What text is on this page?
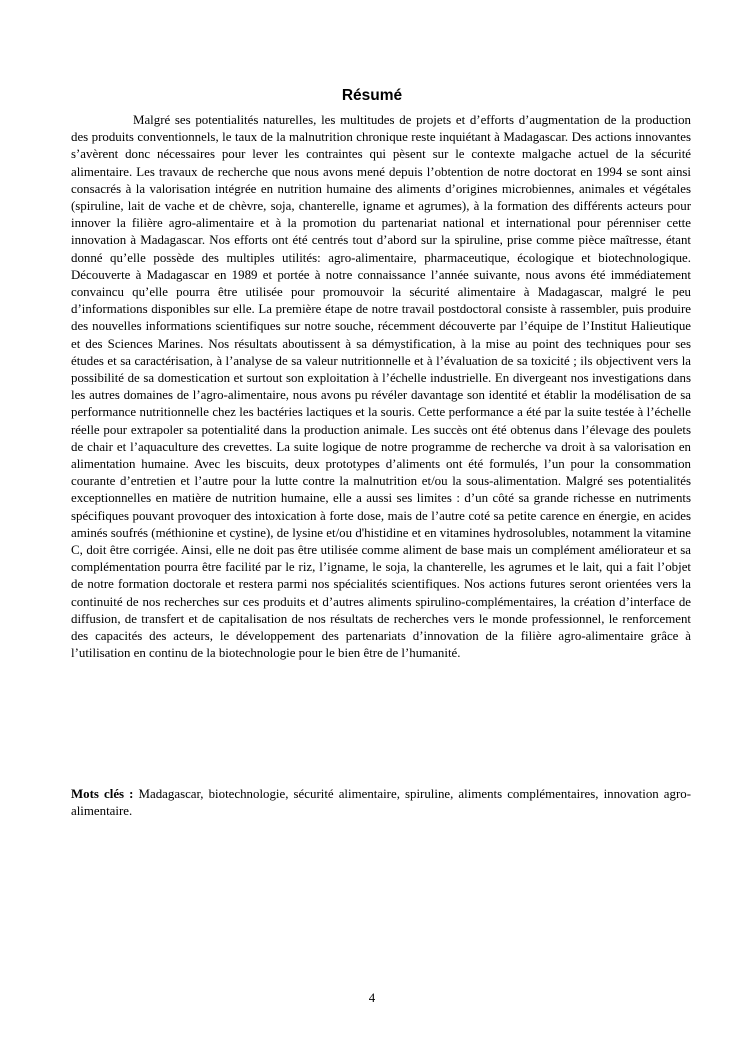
Résumé

Malgré ses potentialités naturelles, les multitudes de projets et d’efforts d’augmentation de la production des produits conventionnels, le taux de la malnutrition chronique reste inquiétant à Madagascar. Des actions innovantes s’avèrent donc nécessaires pour lever les contraintes qui pèsent sur le contexte malgache actuel de la sécurité alimentaire. Les travaux de recherche que nous avons mené depuis l’obtention de notre doctorat en 1994 se sont ainsi consacrés à la valorisation intégrée en nutrition humaine des aliments d’origines microbiennes, animales et végétales (spiruline, lait de vache et de chèvre, soja, chanterelle, igname et agrumes), à la formation des différents acteurs pour innover la filière agro-alimentaire et à la promotion du partenariat national et international pour pérenniser cette innovation à Madagascar. Nos efforts ont été centrés tout d’abord sur la spiruline, prise comme pièce maîtresse, étant donné qu’elle possède des multiples utilités: agro-alimentaire, pharmaceutique, écologique et biotechnologique. Découverte à Madagascar en 1989 et portée à notre connaissance l’année suivante, nous avons été immédiatement convaincu qu’elle pourra être utilisée pour promouvoir la sécurité alimentaire à Madagascar, malgré le peu d’informations disponibles sur elle. La première étape de notre travail postdoctoral consiste à rassembler, puis produire des nouvelles informations scientifiques sur notre souche, récemment découverte par l’équipe de l’Institut Halieutique et des Sciences Marines. Nos résultats aboutissent à sa démystification, à la mise au point des techniques pour ses études et sa caractérisation, à l’analyse de sa valeur nutritionnelle et à l’évaluation de sa toxicité ; ils objectivent vers la possibilité de sa domestication et surtout son exploitation à l’échelle industrielle. En divergeant nos investigations dans les autres domaines de l’agro-alimentaire, nous avons pu révéler davantage son identité et établir la modélisation de sa performance nutritionnelle chez les bactéries lactiques et la souris. Cette performance a été par la suite testée à l’échelle réelle pour extrapoler sa potentialité dans la production animale. Les succès ont été obtenus dans l’élevage des poulets de chair et l’aquaculture des crevettes. La suite logique de notre programme de recherche va droit à sa valorisation en alimentation humaine. Avec les biscuits, deux prototypes d’aliments ont été formulés, l’un pour la consommation courante d’entretien et l’autre pour la lutte contre la malnutrition et/ou la sous-alimentation. Malgré ses potentialités exceptionnelles en matière de nutrition humaine, elle a aussi ses limites : d’un côté sa grande richesse en nutriments spécifiques pouvant provoquer des intoxication à forte dose, mais de l’autre coté sa petite carence en énergie, en acides aminés soufrés (méthionine et cystine), de lysine et/ou d'histidine et en vitamines hydrosolubles, notamment la vitamine C, doit être corrigée. Ainsi, elle ne doit pas être utilisée comme aliment de base mais un complément améliorateur et sa complémentation pourra être facilité par le riz, l’igname, le soja, la chanterelle, les agrumes et le lait, qui a fait l’objet de notre formation doctorale et restera parmi nos spécialités scientifiques. Nos actions futures seront orientées vers la continuité de nos recherches sur ces produits et d’autres aliments spirulino-complémentaires, la création d’interface de diffusion, de transfert et de capitalisation de nos résultats de recherches vers le monde professionnel, le renforcement des capacités des acteurs, le développement des partenariats d’innovation de la filière agro-alimentaire grâce à l’utilisation en continu de la biotechnologie pour le bien être de l’humanité.

Mots clés : Madagascar, biotechnologie, sécurité alimentaire, spiruline, aliments complémentaires, innovation agro-alimentaire.

4
